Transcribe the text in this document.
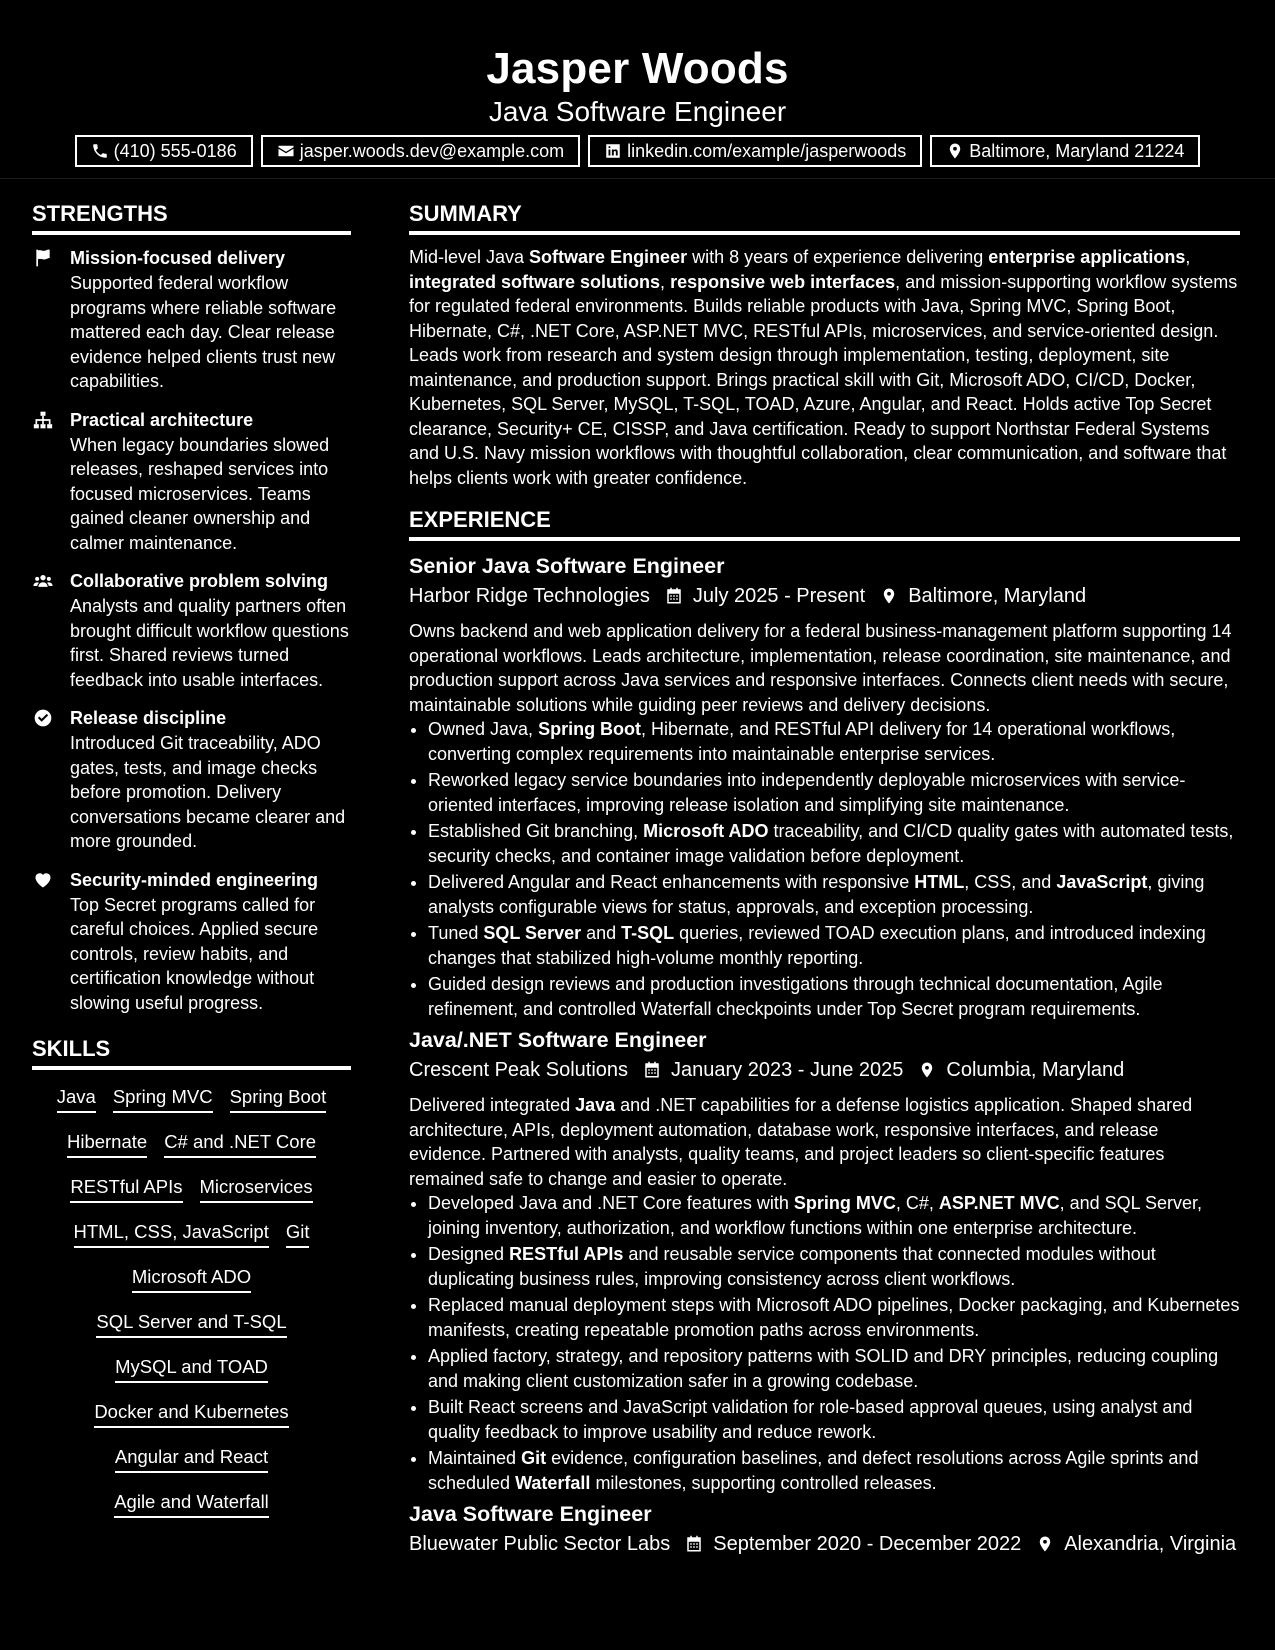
Jasper Woods
Java Software Engineer
(410) 555-0186	jasper.woods.dev@example.com	linkedin.com/example/jasperwoods	Baltimore, Maryland 21224
STRENGTHS
Mission-focused delivery
Supported federal workflow programs where reliable software mattered each day. Clear release evidence helped clients trust new capabilities.
Practical architecture
When legacy boundaries slowed releases, reshaped services into focused microservices. Teams gained cleaner ownership and calmer maintenance.
Collaborative problem solving
Analysts and quality partners often brought difficult workflow questions first. Shared reviews turned feedback into usable interfaces.
Release discipline
Introduced Git traceability, ADO gates, tests, and image checks before promotion. Delivery conversations became clearer and more grounded.
Security-minded engineering
Top Secret programs called for careful choices. Applied secure controls, review habits, and certification knowledge without slowing useful progress.
SKILLS
Java Spring MVC Spring Boot
Hibernate C# and .NET Core
RESTful APIs Microservices
HTML, CSS, JavaScript Git
Microsoft ADO
SQL Server and T-SQL
MySQL and TOAD
Docker and Kubernetes
Angular and React
Agile and Waterfall
SUMMARY
Mid-level Java Software Engineer with 8 years of experience delivering enterprise applications, integrated software solutions, responsive web interfaces, and mission-supporting workflow systems for regulated federal environments. Builds reliable products with Java, Spring MVC, Spring Boot, Hibernate, C#, .NET Core, ASP.NET MVC, RESTful APIs, microservices, and service-oriented design. Leads work from research and system design through implementation, testing, deployment, site maintenance, and production support. Brings practical skill with Git, Microsoft ADO, CI/CD, Docker, Kubernetes, SQL Server, MySQL, T-SQL, TOAD, Azure, Angular, and React. Holds active Top Secret clearance, Security+ CE, CISSP, and Java certification. Ready to support Northstar Federal Systems and U.S. Navy mission workflows with thoughtful collaboration, clear communication, and software that helps clients work with greater confidence.
EXPERIENCE
Senior Java Software Engineer
Harbor Ridge Technologies July 2025 - Present Baltimore, Maryland
Owns backend and web application delivery for a federal business-management platform supporting 14 operational workflows. Leads architecture, implementation, release coordination, site maintenance, and production support across Java services and responsive interfaces. Connects client needs with secure, maintainable solutions while guiding peer reviews and delivery decisions.
• Owned Java, Spring Boot, Hibernate, and RESTful API delivery for 14 operational workflows, converting complex requirements into maintainable enterprise services.
• Reworked legacy service boundaries into independently deployable microservices with service-oriented interfaces, improving release isolation and simplifying site maintenance.
• Established Git branching, Microsoft ADO traceability, and CI/CD quality gates with automated tests, security checks, and container image validation before deployment.
• Delivered Angular and React enhancements with responsive HTML, CSS, and JavaScript, giving analysts configurable views for status, approvals, and exception processing.
• Tuned SQL Server and T-SQL queries, reviewed TOAD execution plans, and introduced indexing changes that stabilized high-volume monthly reporting.
• Guided design reviews and production investigations through technical documentation, Agile refinement, and controlled Waterfall checkpoints under Top Secret program requirements.
Java/.NET Software Engineer
Crescent Peak Solutions January 2023 - June 2025 Columbia, Maryland
Delivered integrated Java and .NET capabilities for a defense logistics application. Shaped shared architecture, APIs, deployment automation, database work, responsive interfaces, and release evidence. Partnered with analysts, quality teams, and project leaders so client-specific features remained safe to change and easier to operate.
• Developed Java and .NET Core features with Spring MVC, C#, ASP.NET MVC, and SQL Server, joining inventory, authorization, and workflow functions within one enterprise architecture.
• Designed RESTful APIs and reusable service components that connected modules without duplicating business rules, improving consistency across client workflows.
• Replaced manual deployment steps with Microsoft ADO pipelines, Docker packaging, and Kubernetes manifests, creating repeatable promotion paths across environments.
• Applied factory, strategy, and repository patterns with SOLID and DRY principles, reducing coupling and making client customization safer in a growing codebase.
• Built React screens and JavaScript validation for role-based approval queues, using analyst and quality feedback to improve usability and reduce rework.
• Maintained Git evidence, configuration baselines, and defect resolutions across Agile sprints and scheduled Waterfall milestones, supporting controlled releases.
Java Software Engineer
Bluewater Public Sector Labs September 2020 - December 2022 Alexandria, Virginia
